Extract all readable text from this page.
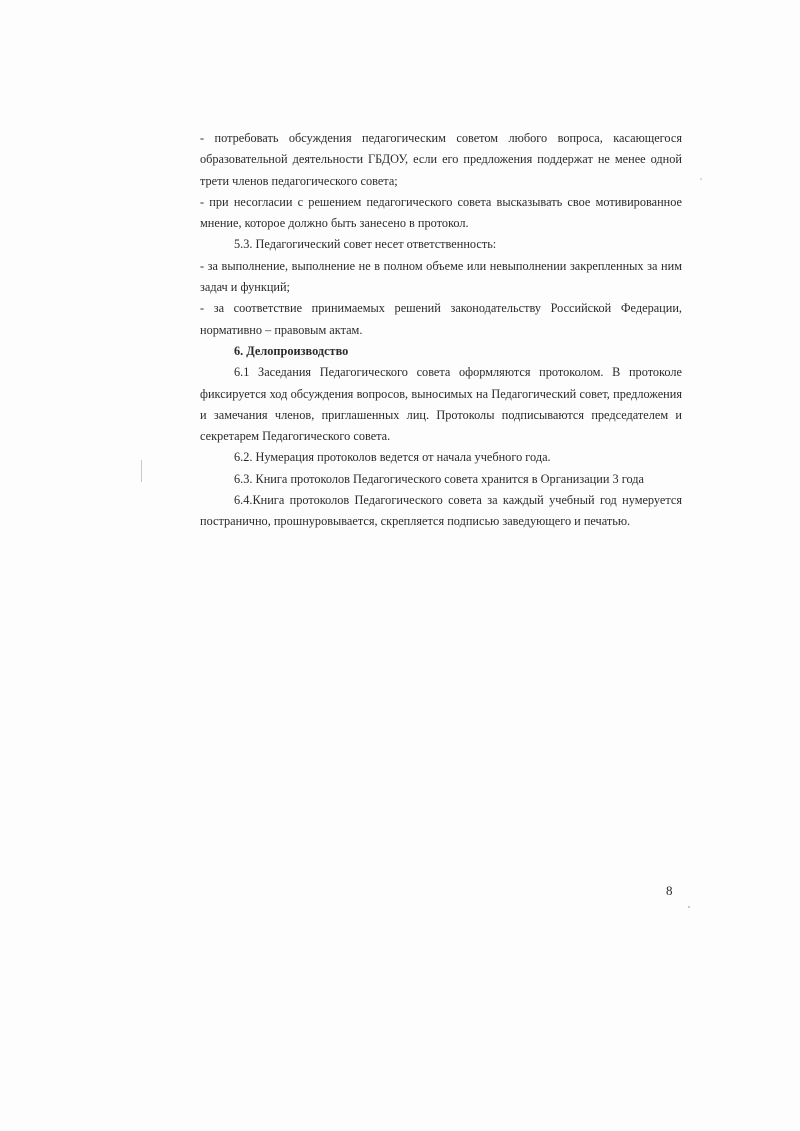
- потребовать обсуждения педагогическим советом любого вопроса, касающегося образовательной деятельности ГБДОУ, если его предложения поддержат не менее одной трети членов педагогического совета;

- при несогласии с решением педагогического совета высказывать свое мотивированное мнение, которое должно быть занесено в протокол.

5.3. Педагогический совет несет ответственность:

- за выполнение, выполнение не в полном объеме или невыполнении закрепленных за ним задач и функций;

- за соответствие принимаемых решений законодательству Российской Федерации, нормативно – правовым актам.

6. Делопроизводство

6.1 Заседания Педагогического совета оформляются протоколом. В протоколе фиксируется ход обсуждения вопросов, выносимых на Педагогический совет, предложения и замечания членов, приглашенных лиц. Протоколы подписываются председателем и секретарем Педагогического совета.

6.2. Нумерация протоколов ведется от начала учебного года.

6.3. Книга протоколов Педагогического совета хранится в Организации 3 года

6.4.Книга протоколов Педагогического совета за каждый учебный год нумеруется постранично, прошнуровывается, скрепляется подписью заведующего и печатью.

8
